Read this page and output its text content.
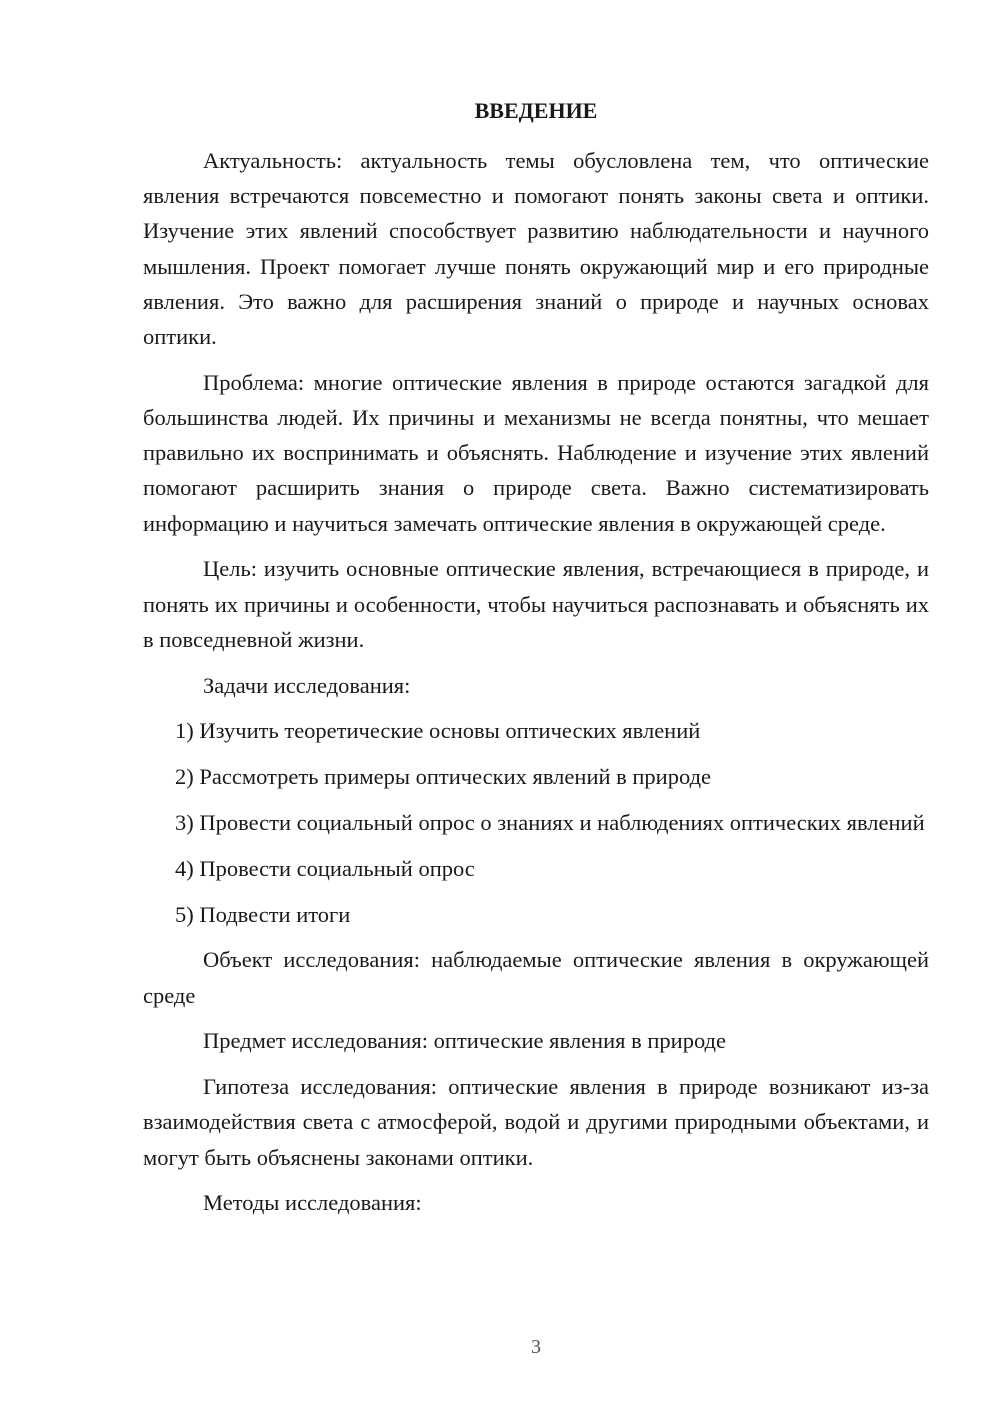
ВВЕДЕНИЕ

Актуальность: актуальность темы обусловлена тем, что оптические явления встречаются повсеместно и помогают понять законы света и оптики. Изучение этих явлений способствует развитию наблюдательности и научного мышления. Проект помогает лучше понять окружающий мир и его природные явления. Это важно для расширения знаний о природе и научных основах оптики.

Проблема: многие оптические явления в природе остаются загадкой для большинства людей. Их причины и механизмы не всегда понятны, что мешает правильно их воспринимать и объяснять. Наблюдение и изучение этих явлений помогают расширить знания о природе света. Важно систематизировать информацию и научиться замечать оптические явления в окружающей среде.

Цель: изучить основные оптические явления, встречающиеся в природе, и понять их причины и особенности, чтобы научиться распознавать и объяснять их в повседневной жизни.

Задачи исследования:

1) Изучить теоретические основы оптических явлений

2) Рассмотреть примеры оптических явлений в природе

3) Провести социальный опрос о знаниях и наблюдениях оптических явлений

4) Провести социальный опрос

5) Подвести итоги

Объект исследования: наблюдаемые оптические явления в окружающей среде

Предмет исследования: оптические явления в природе

Гипотеза исследования: оптические явления в природе возникают из-за взаимодействия света с атмосферой, водой и другими природными объектами, и могут быть объяснены законами оптики.

Методы исследования:

3
